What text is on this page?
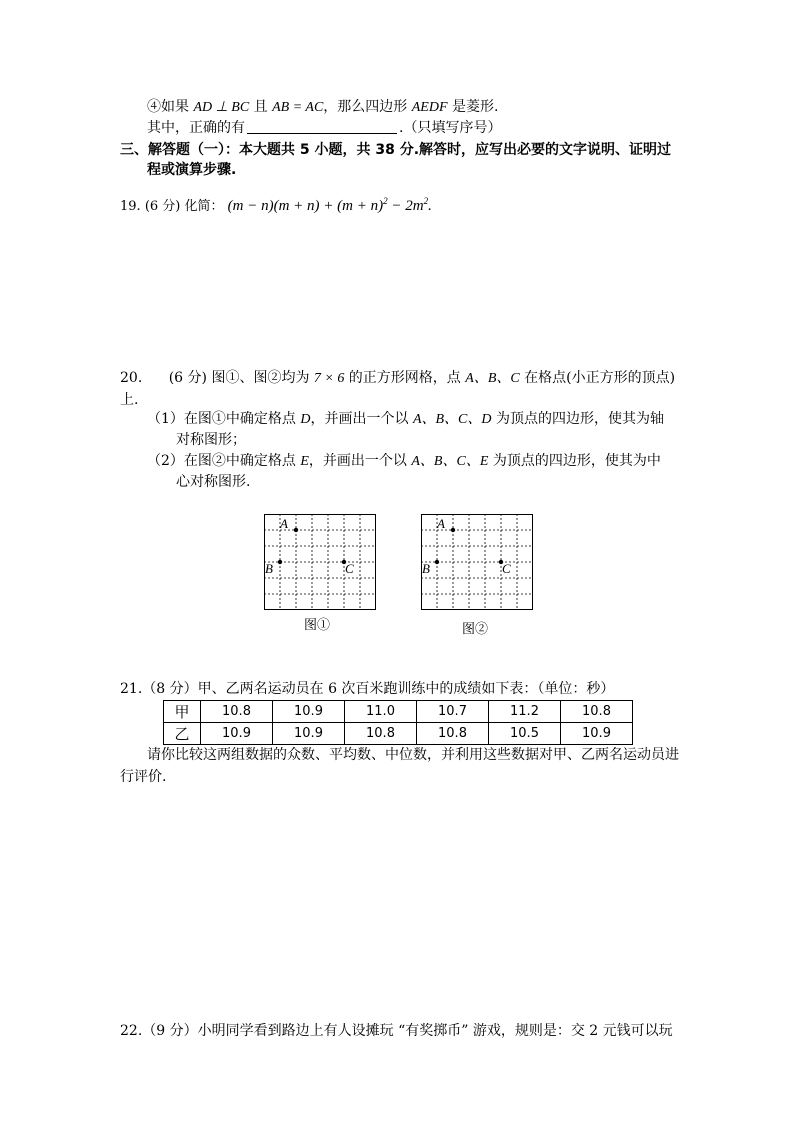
④如果 AD ⊥ BC 且 AB = AC，那么四边形 AEDF 是菱形.
其中，正确的有	.（只填写序号）
三、解答题（一）：本大题共 5 小题，共 38 分.解答时，应写出必要的文字说明、证明过
程或演算步骤.
19. (6 分) 化简： $(m - n)(m + n) + (m + n)^2 - 2m^2$.
20. (6 分) 图①、图②均为 7 × 6 的正方形网格，点 A、B、C 在格点(小正方形的顶点)
上.
（1）在图①中确定格点 D，并画出一个以 A、B、C、D 为顶点的四边形，使其为轴
对称图形；
（2）在图②中确定格点 E，并画出一个以 A、B、C、E 为顶点的四边形，使其为中
心对称图形.
A
B	C
图①
A
B	C
图②
21.（8 分）甲、乙两名运动员在 6 次百米跑训练中的成绩如下表：（单位：秒）
甲	10.8	10.9	11.0	10.7	11.2	10.8
乙	10.9	10.9	10.8	10.8	10.5	10.9
请你比较这两组数据的众数、平均数、中位数，并利用这些数据对甲、乙两名运动员进
行评价.
22.（9 分）小明同学看到路边上有人设摊玩 “有奖掷币” 游戏，规则是：交 2 元钱可以玩
